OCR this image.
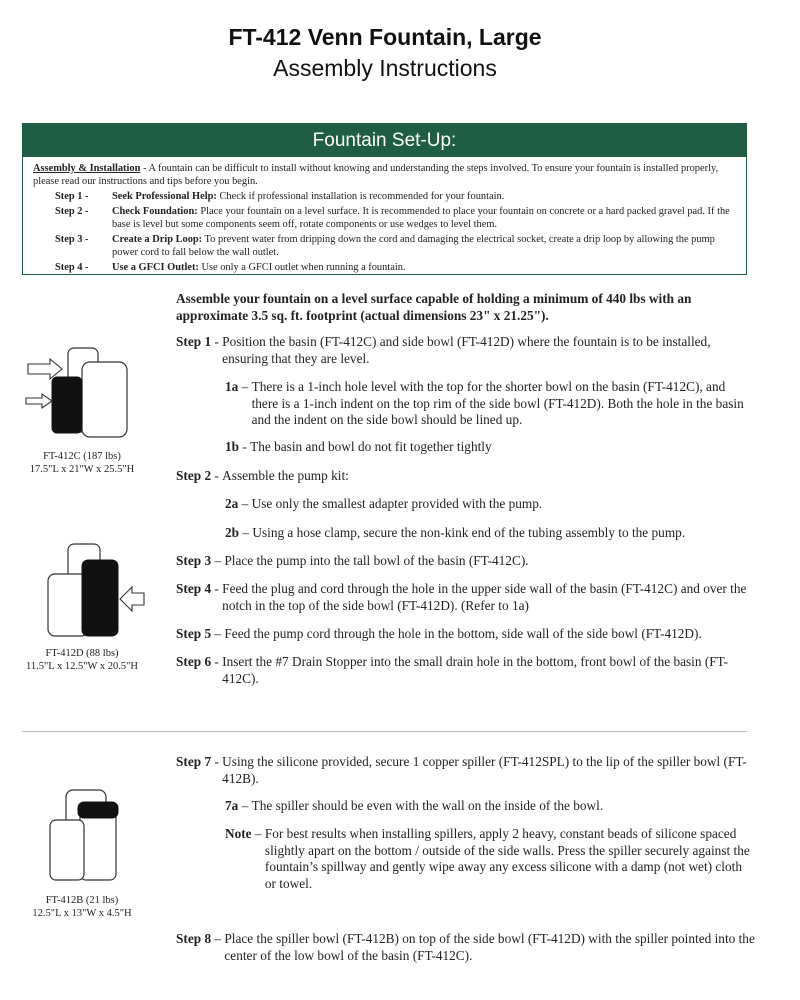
FT-412 Venn Fountain, Large
Assembly Instructions
Fountain Set-Up:
Assembly & Installation - A fountain can be difficult to install without knowing and understanding the steps involved. To ensure your fountain is installed properly, please read our instructions and tips before you begin.
Step 1 -	Seek Professional Help: Check if professional installation is recommended for your fountain.
Step 2 -	Check Foundation: Place your fountain on a level surface. It is recommended to place your fountain on concrete or a hard packed gravel pad. If the base is level but some components seem off, rotate components or use wedges to level them.
Step 3 -	Create a Drip Loop: To prevent water from dripping down the cord and damaging the electrical socket, create a drip loop by allowing the pump power cord to fall below the wall outlet.
Step 4 -	Use a GFCI Outlet: Use only a GFCI outlet when running a fountain.
FT-412C (187 lbs)
17.5"L x 21"W x 25.5"H
FT-412D (88 lbs)
11.5"L x 12.5"W x 20.5"H
FT-412B (21 lbs)
12.5"L x 13"W x 4.5"H
Assemble your fountain on a level surface capable of holding a minimum of 440 lbs with an approximate 3.5 sq. ft. footprint (actual dimensions 23" x 21.25").
Step 1 - Position the basin (FT-412C) and side bowl (FT-412D) where the fountain is to be installed, ensuring that they are level.
1a – There is a 1-inch hole level with the top for the shorter bowl on the basin (FT-412C), and there is a 1-inch indent on the top rim of the side bowl (FT-412D). Both the hole in the basin and the indent on the side bowl should be lined up.
1b - The basin and bowl do not fit together tightly
Step 2 - Assemble the pump kit:
2a – Use only the smallest adapter provided with the pump.
2b – Using a hose clamp, secure the non-kink end of the tubing assembly to the pump.
Step 3 – Place the pump into the tall bowl of the basin (FT-412C).
Step 4 - Feed the plug and cord through the hole in the upper side wall of the basin (FT-412C) and over the notch in the top of the side bowl (FT-412D). (Refer to 1a)
Step 5 – Feed the pump cord through the hole in the bottom, side wall of the side bowl (FT-412D).
Step 6 - Insert the #7 Drain Stopper into the small drain hole in the bottom, front bowl of the basin (FT-412C).
Step 7 - Using the silicone provided, secure 1 copper spiller (FT-412SPL) to the lip of the spiller bowl (FT-412B).
7a – The spiller should be even with the wall on the inside of the bowl.
Note – For best results when installing spillers, apply 2 heavy, constant beads of silicone spaced slightly apart on the bottom / outside of the side walls. Press the spiller securely against the fountain’s spillway and gently wipe away any excess silicone with a damp (not wet) cloth or towel.
Step 8 – Place the spiller bowl (FT-412B) on top of the side bowl (FT-412D) with the spiller pointed into the center of the low bowl of the basin (FT-412C).
